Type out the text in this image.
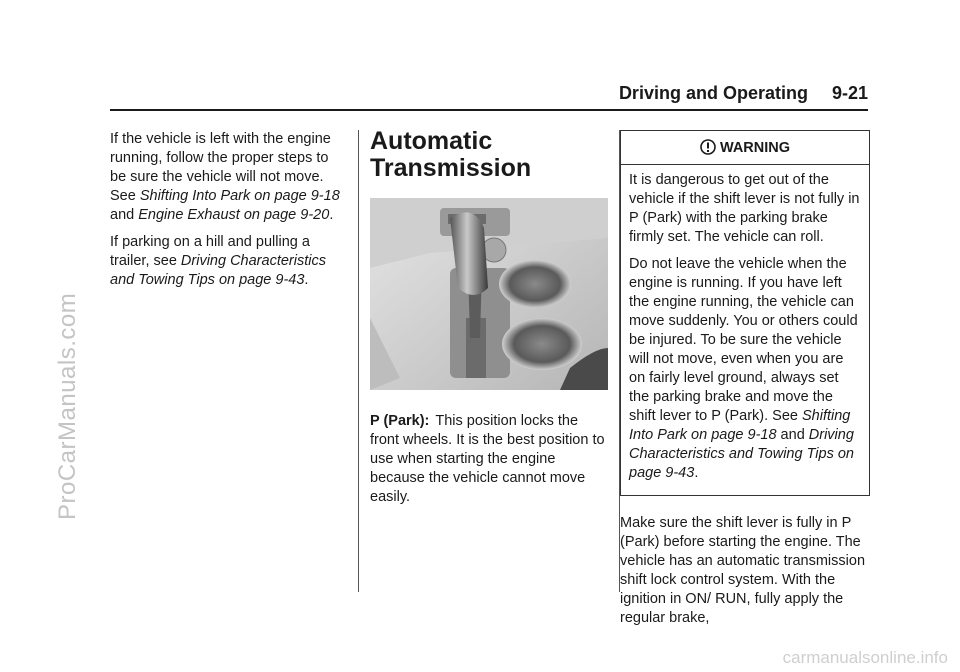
ProCarManuals.com
carmanualsonline.info
Driving and Operating 9-21

If the vehicle is left with the engine running, follow the proper steps to be sure the vehicle will not move. See Shifting Into Park on page 9-18 and Engine Exhaust on page 9-20.

If parking on a hill and pulling a trailer, see Driving Characteristics and Towing Tips on page 9-43.

Automatic
Transmission

P (Park): This position locks the front wheels. It is the best position to use when starting the engine because the vehicle cannot move easily.

WARNING

It is dangerous to get out of the vehicle if the shift lever is not fully in P (Park) with the parking brake firmly set. The vehicle can roll.

Do not leave the vehicle when the engine is running. If you have left the engine running, the vehicle can move suddenly. You or others could be injured. To be sure the vehicle will not move, even when you are on fairly level ground, always set the parking brake and move the shift lever to P (Park). See Shifting Into Park on page 9-18 and Driving Characteristics and Towing Tips on page 9-43.

Make sure the shift lever is fully in P (Park) before starting the engine. The vehicle has an automatic transmission shift lock control system. With the ignition in ON/ RUN, fully apply the regular brake,
